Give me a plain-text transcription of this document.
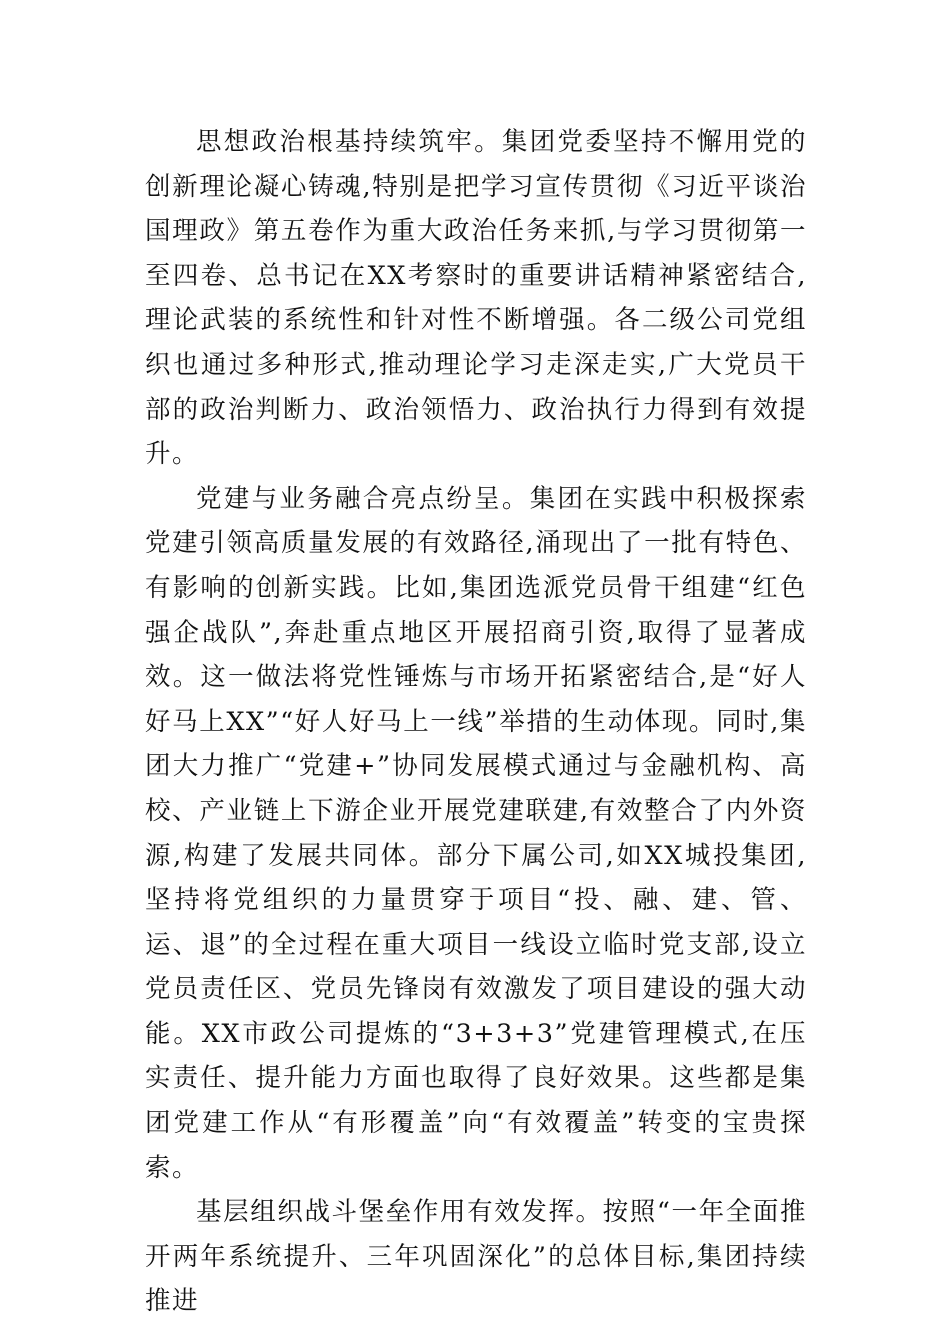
思想政治根基持续筑牢。集团党委坚持不懈用党的创新理论凝心铸魂,特别是把学习宣传贯彻《习近平谈治国理政》第五卷作为重大政治任务来抓,与学习贯彻第一至四卷、总书记在XX考察时的重要讲话精神紧密结合,理论武装的系统性和针对性不断增强。各二级公司党组织也通过多种形式,推动理论学习走深走实,广大党员干部的政治判断力、政治领悟力、政治执行力得到有效提升。

党建与业务融合亮点纷呈。集团在实践中积极探索党建引领高质量发展的有效路径,涌现出了一批有特色、有影响的创新实践。比如,集团选派党员骨干组建“红色强企战队”,奔赴重点地区开展招商引资,取得了显著成效。这一做法将党性锤炼与市场开拓紧密结合,是“好人好马上XX”“好人好马上一线”举措的生动体现。同时,集团大力推广“党建+”协同发展模式通过与金融机构、高校、产业链上下游企业开展党建联建,有效整合了内外资源,构建了发展共同体。部分下属公司,如XX城投集团,坚持将党组织的力量贯穿于项目“投、融、建、管、运、退”的全过程在重大项目一线设立临时党支部,设立党员责任区、党员先锋岗有效激发了项目建设的强大动能。XX市政公司提炼的“3+3+3”党建管理模式,在压实责任、提升能力方面也取得了良好效果。这些都是集团党建工作从“有形覆盖”向“有效覆盖”转变的宝贵探索。

基层组织战斗堡垒作用有效发挥。按照“一年全面推开两年系统提升、三年巩固深化”的总体目标,集团持续推进
